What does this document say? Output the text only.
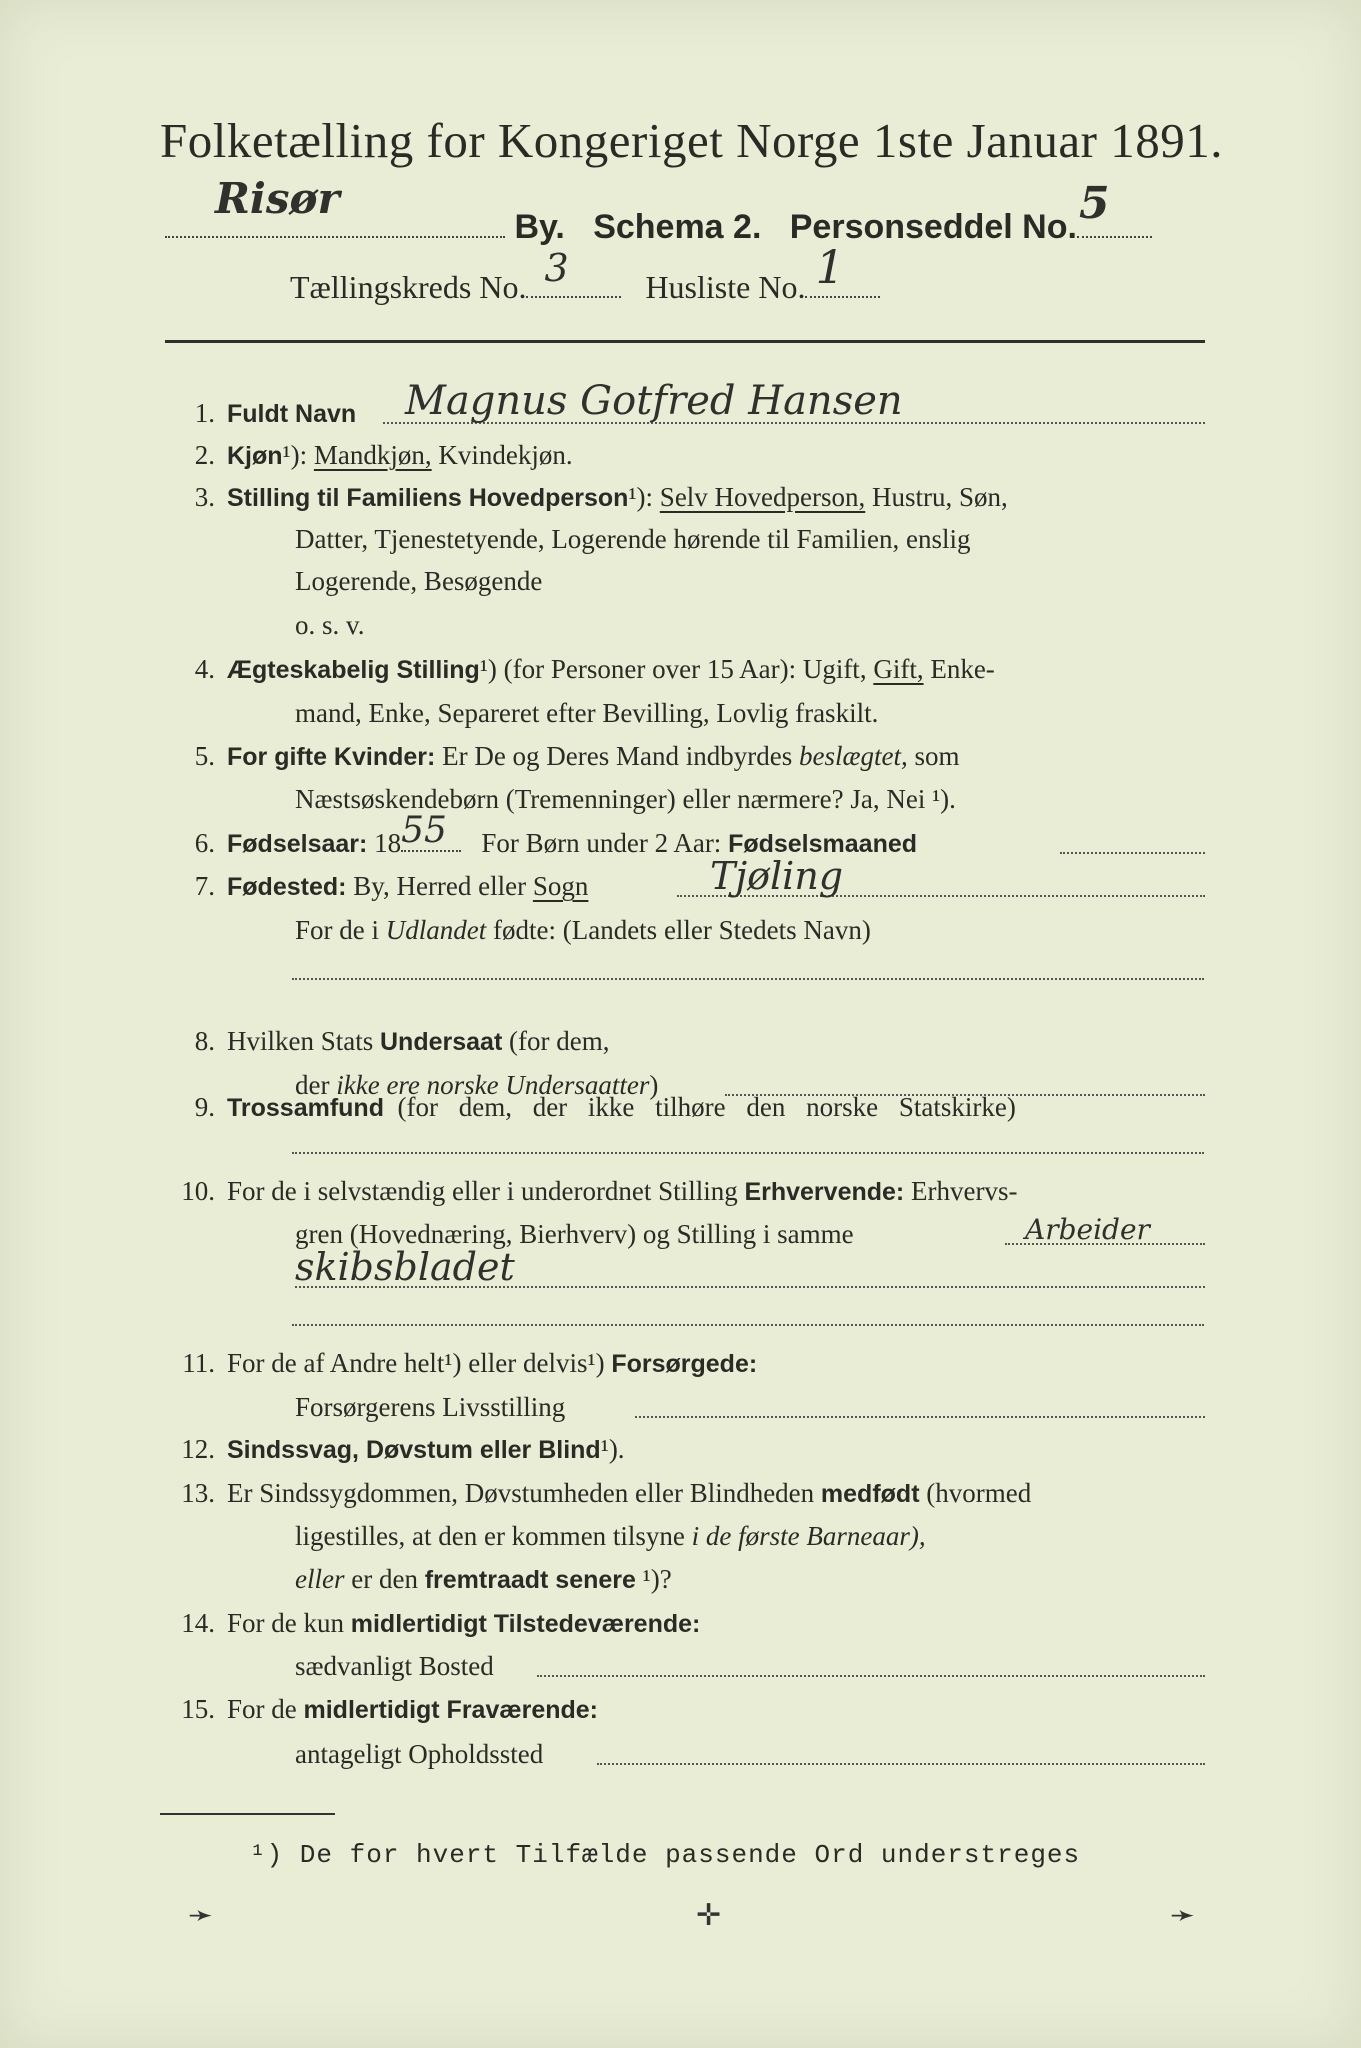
Folketælling for Kongeriget Norge 1ste Januar 1891.
Risør
By. Schema 2. Personseddel No. 5
Tællingskreds No. 3 Husliste No. 1
1. Fuldt Navn Magnus Gotfred Hansen
2. Kjøn¹): Mandkjøn, Kvindekjøn.
3. Stilling til Familiens Hovedperson¹): Selv Hovedperson, Hustru, Søn,
Datter, Tjenestetyende, Logerende hørende til Familien, enslig
Logerende, Besøgende
o. s. v.
4. Ægteskabelig Stilling¹) (for Personer over 15 Aar): Ugift, Gift, Enke-
mand, Enke, Separeret efter Bevilling, Lovlig fraskilt.
5. For gifte Kvinder: Er De og Deres Mand indbyrdes beslægtet, som
Næstsøskendebørn (Tremenninger) eller nærmere? Ja, Nei ¹).
6. Fødselsaar: 18 55 For Børn under 2 Aar: Fødselsmaaned
7. Fødested: By, Herred eller Sogn	Tjøling
For de i Udlandet fødte: (Landets eller Stedets Navn)
8. Hvilken Stats Undersaat (for dem,
der ikke ere norske Undersaatter)
9. Trossamfund (for dem, der ikke tilhøre den norske Statskirke)
10. For de i selvstændig eller i underordnet Stilling Erhvervende: Erhvervs-
gren (Hovednæring, Bierhverv) og Stilling i samme	Arbeider
skibsbladet
11. For de af Andre helt¹) eller delvis¹) Forsørgede:
Forsørgerens Livsstilling
12. Sindssvag, Døvstum eller Blind¹).
13. Er Sindssygdommen, Døvstumheden eller Blindheden medfødt (hvormed
ligestilles, at den er kommen tilsyne i de første Barneaar),
eller er den fremtraadt senere ¹)?
14. For de kun midlertidigt Tilstedeværende:
sædvanligt Bosted
15. For de midlertidigt Fraværende:
antageligt Opholdssted
¹) De for hvert Tilfælde passende Ord understreges
➛	✛	➛
